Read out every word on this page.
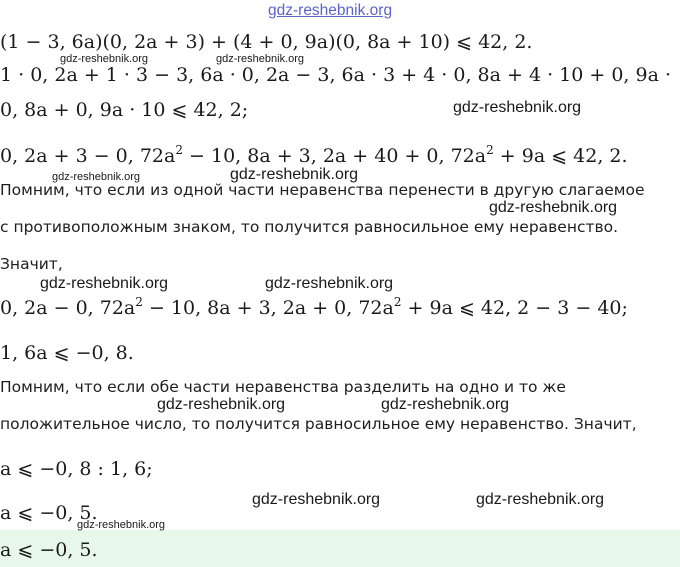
gdz-reshebnik.org
gdz-reshebnik.org	gdz-reshebnik.org
gdz-reshebnik.org
gdz-reshebnik.org	gdz-reshebnik.org
gdz-reshebnik.org
gdz-reshebnik.org	gdz-reshebnik.org
gdz-reshebnik.org	gdz-reshebnik.org
gdz-reshebnik.org	gdz-reshebnik.org
gdz-reshebnik.org
(1 − 3, 6a)(0, 2a + 3) + (4 + 0, 9a)(0, 8a + 10) ⩽ 42, 2.
1 · 0, 2a + 1 · 3 − 3, 6a · 0, 2a − 3, 6a · 3 + 4 · 0, 8a + 4 · 10 + 0, 9a ·
0, 8a + 0, 9a · 10 ⩽ 42, 2;
0, 2a + 3 − 0, $72a^2 - 10$, 8a + 3, 2a + 40 + 0, $72a^2 + 9a$ ⩽ 42, 2.
Помним, что если из одной части неравенства перенести в другую слагаемое
с противоположным знаком, то получится равносильное ему неравенство.
Значит,
0, 2a − 0, $72a^2 - 10$, 8a + 3, 2a + 0, $72a^2 + 9a$ ⩽ 42, 2 − 3 − 40;
1, 6a ⩽ −0, 8.
Помним, что если обе части неравенства разделить на одно и то же
положительное число, то получится равносильное ему неравенство. Значит,
a ⩽ −0, 8 : 1, 6;
a ⩽ −0, 5.
a ⩽ −0, 5.
